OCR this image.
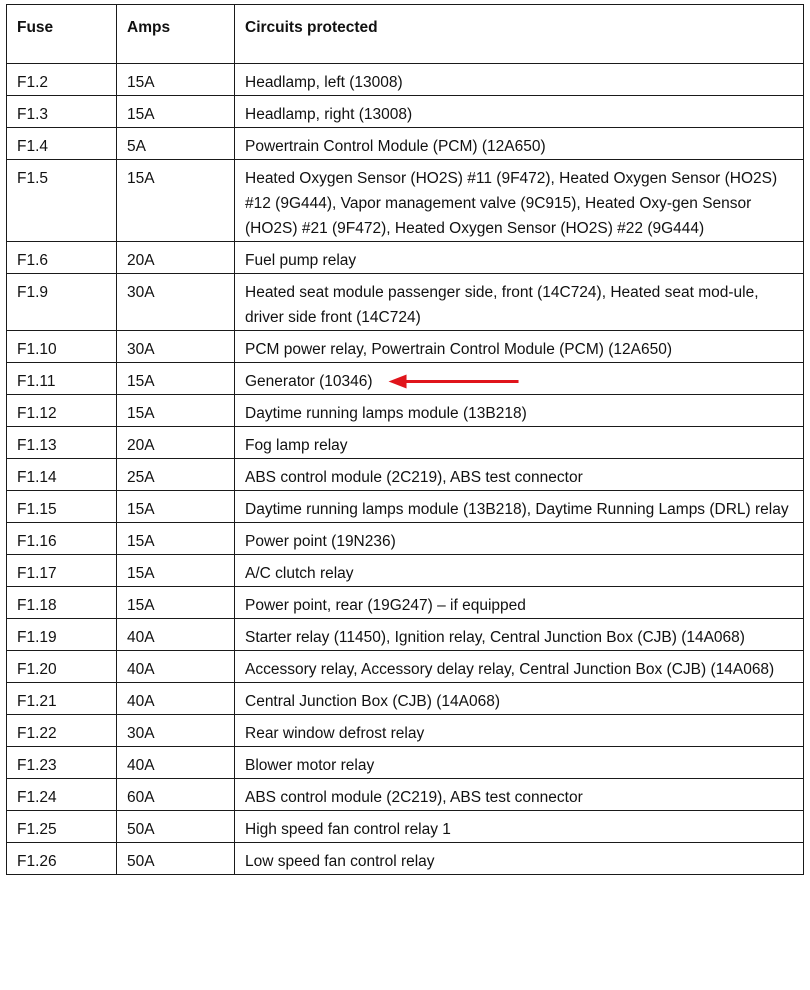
Fuse	Amps	Circuits protected
F1.2	15A	Headlamp, left (13008)
F1.3	15A	Headlamp, right (13008)
F1.4	5A	Powertrain Control Module (PCM) (12A650)
F1.5	15A	Heated Oxygen Sensor (HO2S) #11 (9F472), Heated Oxygen Sensor (HO2S) #12 (9G444), Vapor management valve (9C915), Heated Oxy-gen Sensor (HO2S) #21 (9F472), Heated Oxygen Sensor (HO2S) #22 (9G444)
F1.6	20A	Fuel pump relay
F1.9	30A	Heated seat module passenger side, front (14C724), Heated seat mod-ule, driver side front (14C724)
F1.10	30A	PCM power relay, Powertrain Control Module (PCM) (12A650)
F1.11	15A	Generator (10346)
F1.12	15A	Daytime running lamps module (13B218)
F1.13	20A	Fog lamp relay
F1.14	25A	ABS control module (2C219), ABS test connector
F1.15	15A	Daytime running lamps module (13B218), Daytime Running Lamps (DRL) relay
F1.16	15A	Power point (19N236)
F1.17	15A	A/C clutch relay
F1.18	15A	Power point, rear (19G247) – if equipped
F1.19	40A	Starter relay (11450), Ignition relay, Central Junction Box (CJB) (14A068)
F1.20	40A	Accessory relay, Accessory delay relay, Central Junction Box (CJB) (14A068)
F1.21	40A	Central Junction Box (CJB) (14A068)
F1.22	30A	Rear window defrost relay
F1.23	40A	Blower motor relay
F1.24	60A	ABS control module (2C219), ABS test connector
F1.25	50A	High speed fan control relay 1
F1.26	50A	Low speed fan control relay
